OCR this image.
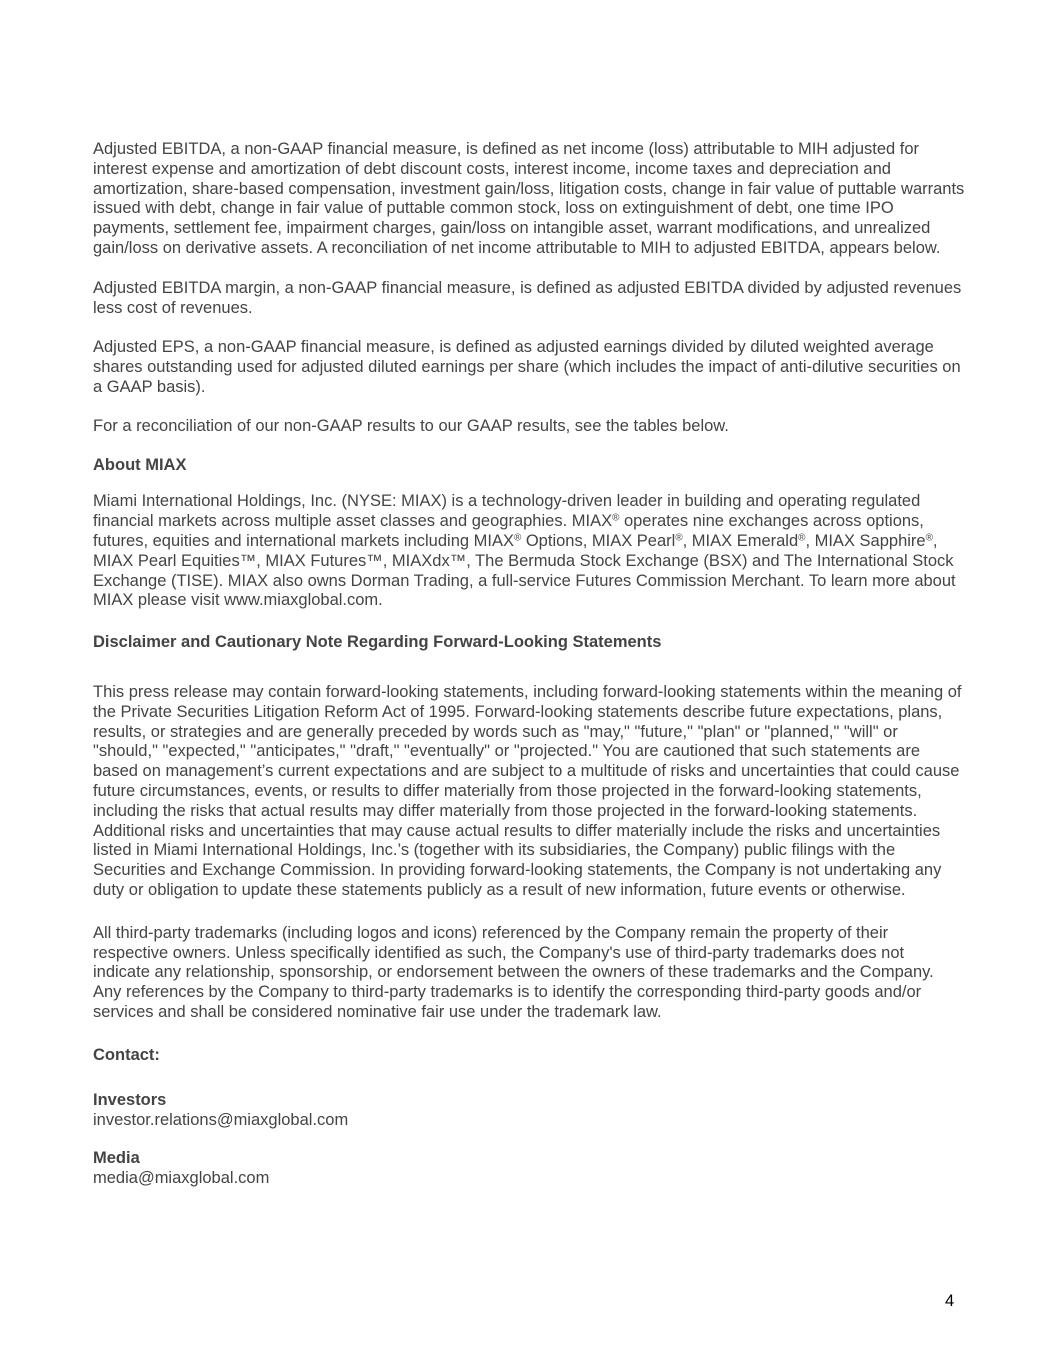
Adjusted EBITDA, a non-GAAP financial measure, is defined as net income (loss) attributable to MIH adjusted for interest expense and amortization of debt discount costs, interest income, income taxes and depreciation and amortization, share-based compensation, investment gain/loss, litigation costs, change in fair value of puttable warrants issued with debt, change in fair value of puttable common stock, loss on extinguishment of debt, one time IPO payments, settlement fee, impairment charges, gain/loss on intangible asset, warrant modifications, and unrealized gain/loss on derivative assets. A reconciliation of net income attributable to MIH to adjusted EBITDA, appears below.

Adjusted EBITDA margin, a non-GAAP financial measure, is defined as adjusted EBITDA divided by adjusted revenues less cost of revenues.

Adjusted EPS, a non-GAAP financial measure, is defined as adjusted earnings divided by diluted weighted average shares outstanding used for adjusted diluted earnings per share (which includes the impact of anti-dilutive securities on a GAAP basis).

For a reconciliation of our non-GAAP results to our GAAP results, see the tables below.

About MIAX

Miami International Holdings, Inc. (NYSE: MIAX) is a technology-driven leader in building and operating regulated financial markets across multiple asset classes and geographies. MIAX® operates nine exchanges across options, futures, equities and international markets including MIAX® Options, MIAX Pearl®, MIAX Emerald®, MIAX Sapphire®, MIAX Pearl Equities™, MIAX Futures™, MIAXdx™, The Bermuda Stock Exchange (BSX) and The International Stock Exchange (TISE). MIAX also owns Dorman Trading, a full-service Futures Commission Merchant. To learn more about MIAX please visit www.miaxglobal.com.

Disclaimer and Cautionary Note Regarding Forward-Looking Statements

This press release may contain forward-looking statements, including forward-looking statements within the meaning of the Private Securities Litigation Reform Act of 1995. Forward-looking statements describe future expectations, plans, results, or strategies and are generally preceded by words such as "may," "future," "plan" or "planned," "will" or "should," "expected," "anticipates," "draft," "eventually" or "projected." You are cautioned that such statements are based on management’s current expectations and are subject to a multitude of risks and uncertainties that could cause future circumstances, events, or results to differ materially from those projected in the forward-looking statements, including the risks that actual results may differ materially from those projected in the forward-looking statements. Additional risks and uncertainties that may cause actual results to differ materially include the risks and uncertainties listed in Miami International Holdings, Inc.’s (together with its subsidiaries, the Company) public filings with the Securities and Exchange Commission. In providing forward-looking statements, the Company is not undertaking any duty or obligation to update these statements publicly as a result of new information, future events or otherwise.

All third-party trademarks (including logos and icons) referenced by the Company remain the property of their respective owners. Unless specifically identified as such, the Company's use of third-party trademarks does not indicate any relationship, sponsorship, or endorsement between the owners of these trademarks and the Company. Any references by the Company to third-party trademarks is to identify the corresponding third-party goods and/or services and shall be considered nominative fair use under the trademark law.

Contact:

Investors
investor.relations@miaxglobal.com
Media
media@miaxglobal.com
4
